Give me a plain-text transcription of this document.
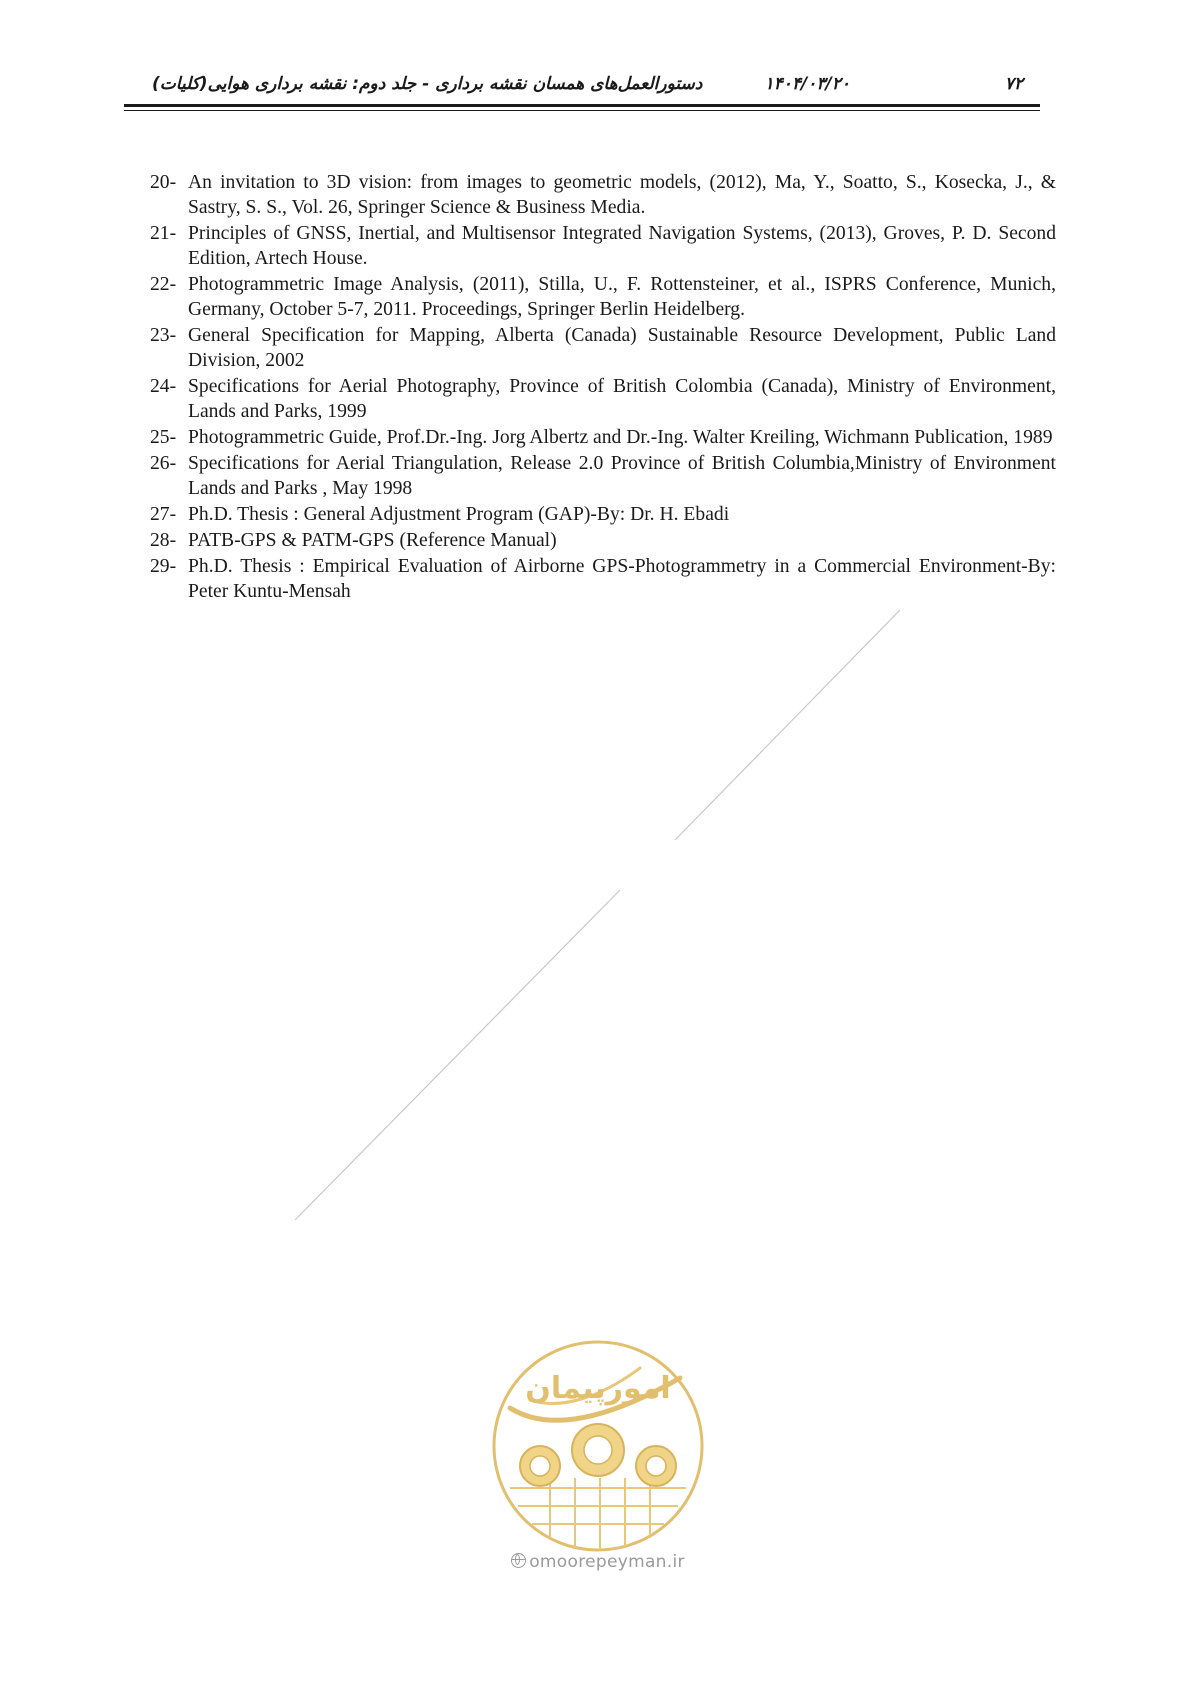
۷۲
۱۴۰۴/۰۳/۲۰
دستورالعمل‌های همسان نقشه برداری - جلد دوم: نقشه برداری هوایی(کلیات)
20- An invitation to 3D vision: from images to geometric models, (2012), Ma, Y., Soatto, S., Kosecka, J., & Sastry, S. S., Vol. 26, Springer Science & Business Media.
21- Principles of GNSS, Inertial, and Multisensor Integrated Navigation Systems, (2013), Groves, P. D. Second Edition, Artech House.
22- Photogrammetric Image Analysis, (2011), Stilla, U., F. Rottensteiner, et al., ISPRS Conference, Munich, Germany, October 5-7, 2011. Proceedings, Springer Berlin Heidelberg.
23- General Specification for Mapping, Alberta (Canada) Sustainable Resource Development, Public Land Division, 2002
24- Specifications for Aerial Photography, Province of British Colombia (Canada), Ministry of Environment, Lands and Parks, 1999
25- Photogrammetric Guide, Prof.Dr.-Ing. Jorg Albertz and Dr.-Ing. Walter Kreiling, Wichmann Publication, 1989
26- Specifications for Aerial Triangulation, Release 2.0 Province of British Columbia,Ministry of Environment Lands and Parks , May 1998
27- Ph.D. Thesis : General Adjustment Program (GAP)-By: Dr. H. Ebadi
28- PATB-GPS & PATM-GPS (Reference Manual)
29- Ph.D. Thesis : Empirical Evaluation of Airborne GPS-Photogrammetry in a Commercial Environment-By: Peter Kuntu-Mensah
امورپیمان
omoorepeyman.ir
